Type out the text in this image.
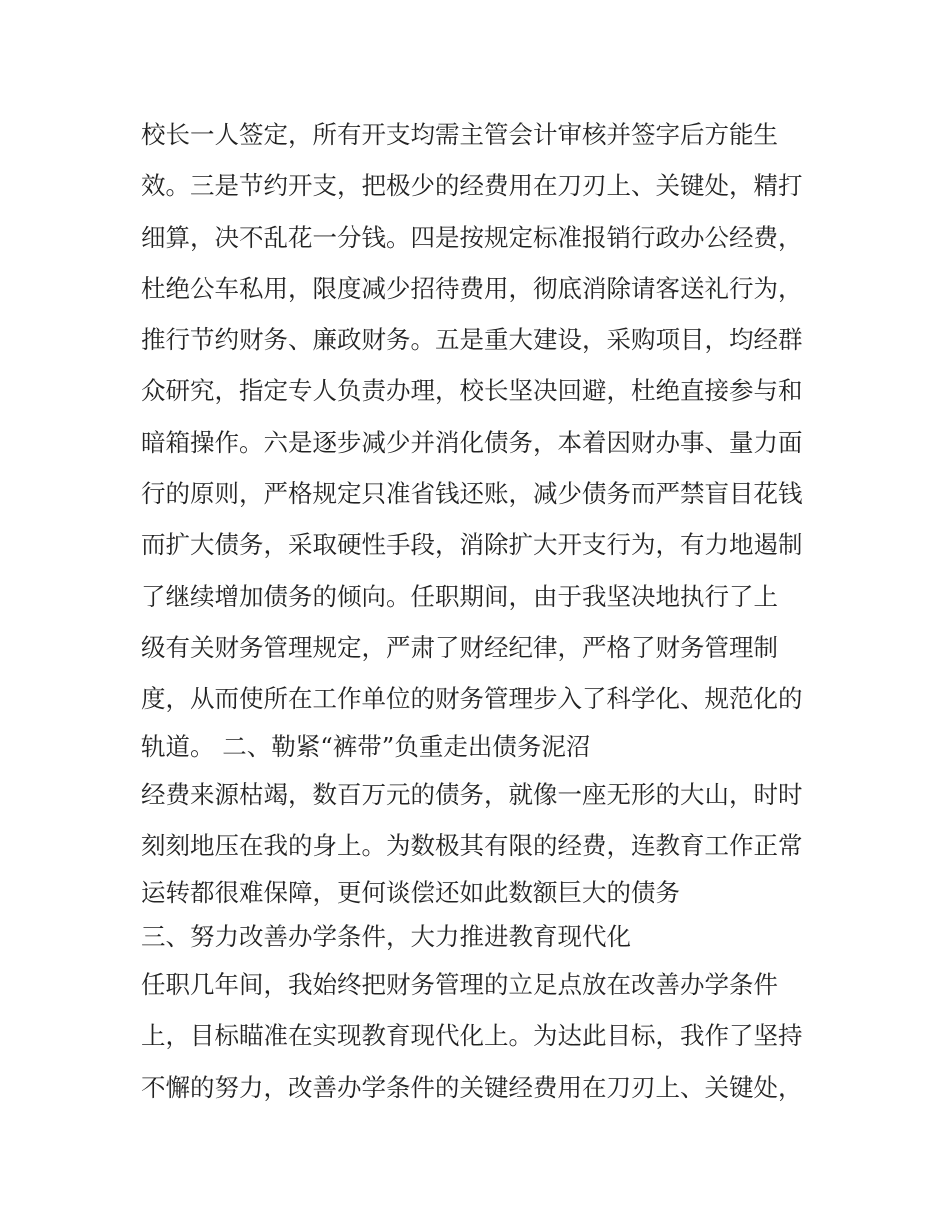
校长一人签定，所有开支均需主管会计审核并签字后方能生
效。三是节约开支，把极少的经费用在刀刃上、关键处，精打
细算，决不乱花一分钱。四是按规定标准报销行政办公经费，
杜绝公车私用，限度减少招待费用，彻底消除请客送礼行为，
推行节约财务、廉政财务。五是重大建设，采购项目，均经群
众研究，指定专人负责办理，校长坚决回避，杜绝直接参与和
暗箱操作。六是逐步减少并消化债务，本着因财办事、量力面
行的原则，严格规定只准省钱还账，减少债务而严禁盲目花钱
而扩大债务，采取硬性手段，消除扩大开支行为，有力地遏制
了继续增加债务的倾向。任职期间，由于我坚决地执行了上
级有关财务管理规定，严肃了财经纪律，严格了财务管理制
度，从而使所在工作单位的财务管理步入了科学化、规范化的
轨道。 二、勒紧“裤带”负重走出债务泥沼
经费来源枯竭，数百万元的债务，就像一座无形的大山，时时
刻刻地压在我的身上。为数极其有限的经费，连教育工作正常
运转都很难保障，更何谈偿还如此数额巨大的债务
三、努力改善办学条件，大力推进教育现代化
任职几年间，我始终把财务管理的立足点放在改善办学条件
上，目标瞄准在实现教育现代化上。为达此目标，我作了坚持
不懈的努力，改善办学条件的关键经费用在刀刃上、关键处，
